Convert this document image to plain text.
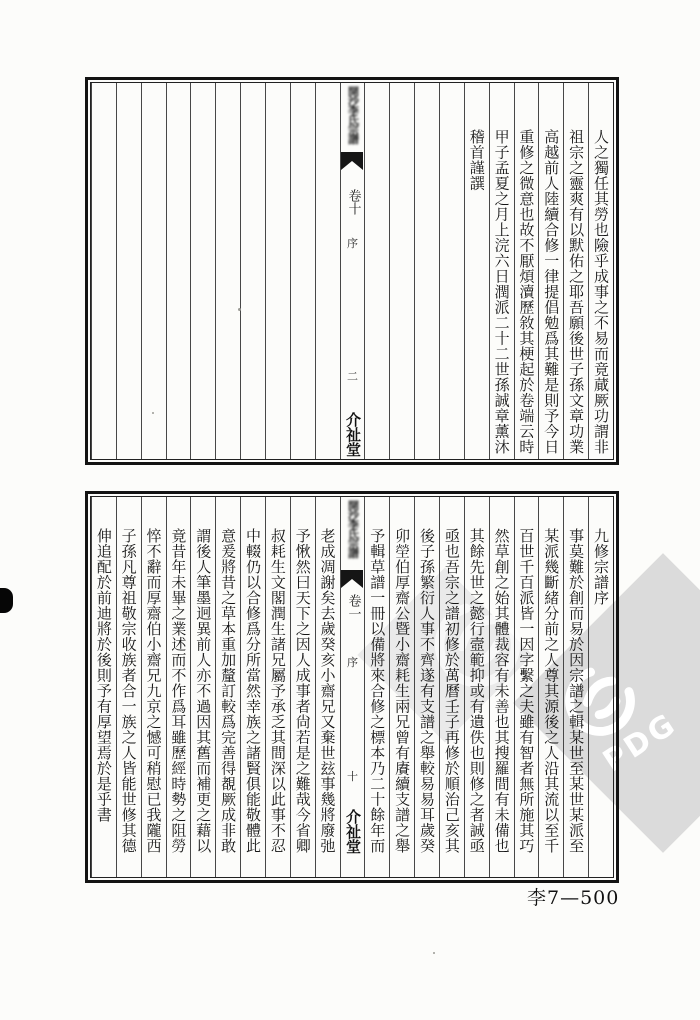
PDG
人之獨任其勞也險乎成事之不易而竟蕆厥功謂非
祖宗之靈爽有以默佑之耶吾願後世子孫文章功業
高越前人陸續合修一律提倡勉爲其難是則予今日
重修之微意也故不厭煩瀆歷敘其梗起於卷端云時
甲子孟夏之月上浣六日潤派二十二世孫誠章薰沐
稽首謹譔
開沙李氏宗譜
卷十
序
二
介祉堂
九修宗譜序
事莫難於創而易於因宗譜之輯某世至某世某派至
某派幾斷緒分前之人尊其源後之人沿其流以至千
百世千百派皆一因字繫之夫雖有智者無所施其巧
然草創之始其體裁容有未善也其搜羅間有未備也
其餘先世之懿行壼範抑或有遺佚也則修之者誠亟
亟也吾宗之譜初修於萬曆壬子再修於順治己亥其
後子孫繁衍人事不齊遂有支譜之舉較易易耳歲癸
卯塋伯厚齋公暨小齋耗生兩兄曾有賡續支譜之舉
予輯草譜一冊以備將來合修之標本乃二十餘年而
開沙李氏宗譜
卷一
序
十
介祉堂
老成凋謝矣去歲癸亥小齋兄又棄世玆事幾將廢弛
予愀然曰天下之因人成事者尙若是之難哉今省卿
叔耗生文閣潤生諸兄屬予承乏其間深以此事不忍
中輟仍以合修爲分所當然幸族之諸賢俱能敬體此
意爰將昔之草本重加釐訂較爲完善得覩厥成非敢
謂後人筆墨迥異前人亦不過因其舊而補更之藉以
竟昔年未畢之業述而不作爲耳雖歷經時勢之阻勞
悴不辭而厚齋伯小齋兄九京之憾可稍慰已我隴西
子孫凡尊祖敬宗收族者合一族之人皆能世修其德
伸追配於前迪將於後則予有厚望焉於是乎書
李7—500
